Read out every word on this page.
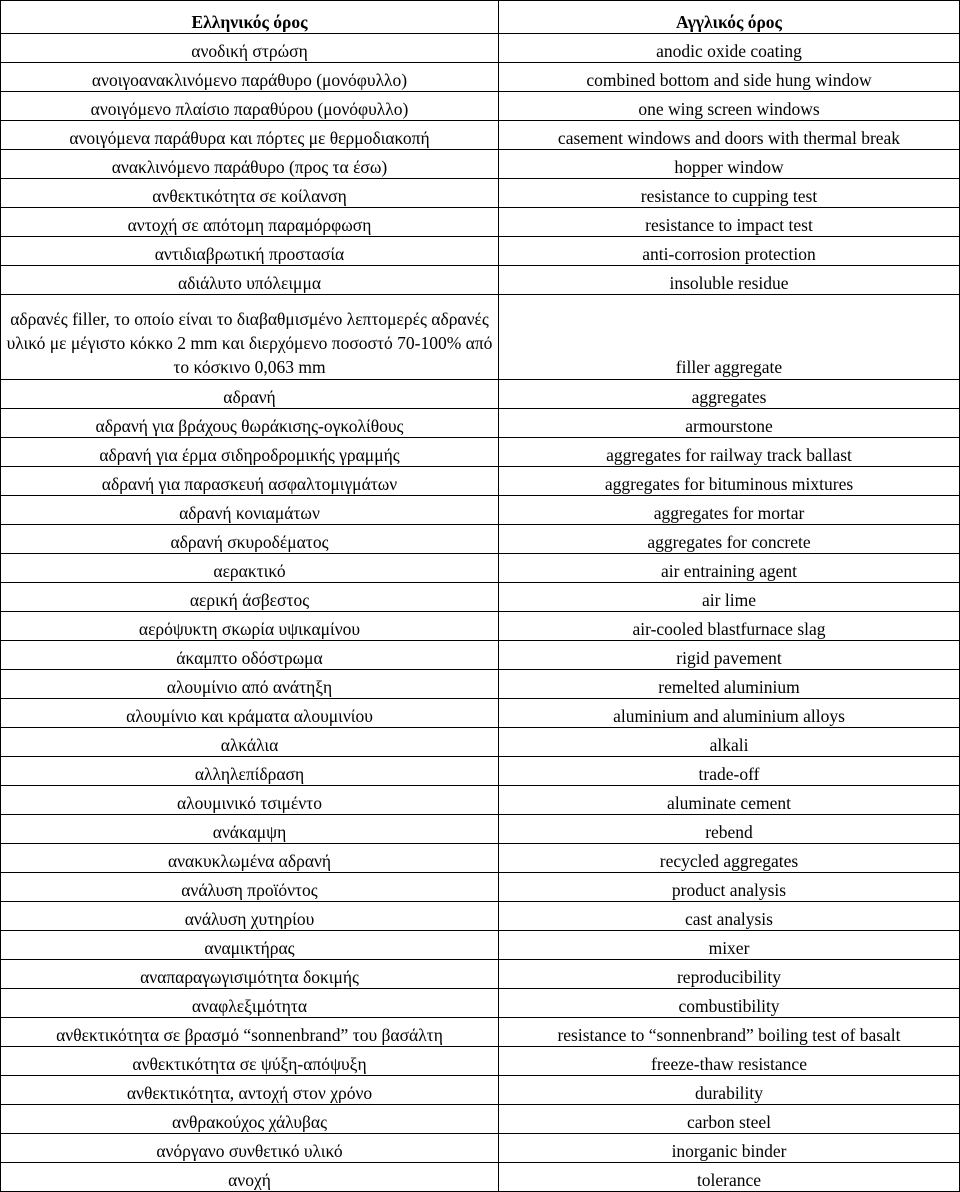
Ελληνικός όρος	Αγγλικός όρος
ανοδική στρώση	anodic oxide coating
ανοιγοανακλινόμενο παράθυρο (μονόφυλλο)	combined bottom and side hung window
ανοιγόμενο πλαίσιο παραθύρου (μονόφυλλο)	one wing screen windows
ανοιγόμενα παράθυρα και πόρτες με θερμοδιακοπή	casement windows and doors with thermal break
ανακλινόμενο παράθυρο (προς τα έσω)	hopper window
ανθεκτικότητα σε κοίλανση	resistance to cupping test
αντοχή σε απότομη παραμόρφωση	resistance to impact test
αντιδιαβρωτική προστασία	anti-corrosion protection
αδιάλυτο υπόλειμμα	insoluble residue
αδρανές filler, το οποίο είναι το διαβαθμισμένο λεπτομερές αδρανές υλικό με μέγιστο κόκκο 2 mm και διερχόμενο ποσοστό 70-100% από το κόσκινο 0,063 mm	filler aggregate
αδρανή	aggregates
αδρανή για βράχους θωράκισης-ογκολίθους	armourstone
αδρανή για έρμα σιδηροδρομικής γραμμής	aggregates for railway track ballast
αδρανή για παρασκευή ασφαλτομιγμάτων	aggregates for bituminous mixtures
αδρανή κονιαμάτων	aggregates for mortar
αδρανή σκυροδέματος	aggregates for concrete
αερακτικό	air entraining agent
αερική άσβεστος	air lime
αερόψυκτη σκωρία υψικαμίνου	air-cooled blastfurnace slag
άκαμπτο οδόστρωμα	rigid pavement
αλουμίνιο από ανάτηξη	remelted aluminium
αλουμίνιο και κράματα αλουμινίου	aluminium and aluminium alloys
αλκάλια	alkali
αλληλεπίδραση	trade-off
αλουμινικό τσιμέντο	aluminate cement
ανάκαμψη	rebend
ανακυκλωμένα αδρανή	recycled aggregates
ανάλυση προϊόντος	product analysis
ανάλυση χυτηρίου	cast analysis
αναμικτήρας	mixer
αναπαραγωγισιμότητα δοκιμής	reproducibility
αναφλεξιμότητα	combustibility
ανθεκτικότητα σε βρασμό “sonnenbrand” του βασάλτη	resistance to “sonnenbrand” boiling test of basalt
ανθεκτικότητα σε ψύξη-απόψυξη	freeze-thaw resistance
ανθεκτικότητα, αντοχή στον χρόνο	durability
ανθρακούχος χάλυβας	carbon steel
ανόργανο συνθετικό υλικό	inorganic binder
ανοχή	tolerance
